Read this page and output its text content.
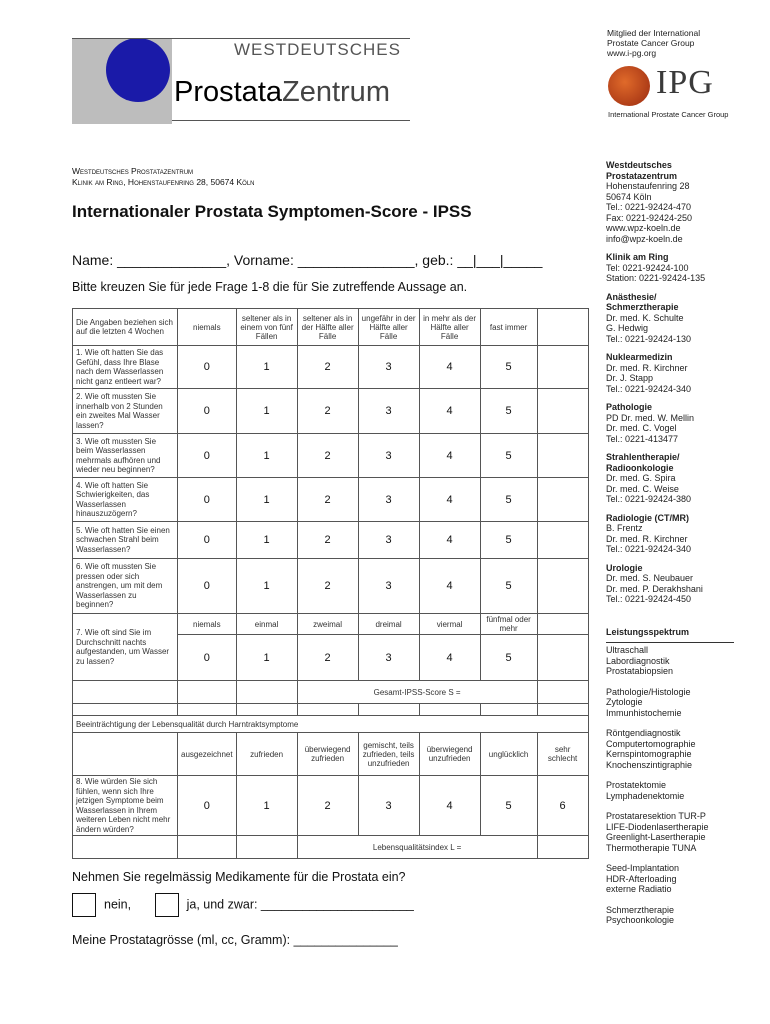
WESTDEUTSCHES
ProstataZentrum
Mitglied der International
Prostate Cancer Group
www.i-pg.org
IPG
International Prostate Cancer Group
Westdeutsches Prostatazentrum
Klinik am Ring, Hohenstaufenring 28, 50674 Köln
Internationaler Prostata Symptomen-Score - IPSS
Name: ______________, Vorname: _______________, geb.: __|___|_____
Bitte kreuzen Sie für jede Frage 1-8 die für Sie zutreffende Aussage an.
Die Angaben beziehen sich auf die letzten 4 Wochen	niemals	seltener als in einem von fünf Fällen	seltener als in der Hälfte aller Fälle	ungefähr in der Hälfte aller Fälle	in mehr als der Hälfte aller Fälle	fast immer	
1. Wie oft hatten Sie das Gefühl, dass Ihre Blase nach dem Wasserlassen nicht ganz entleert war?	0	1	2	3	4	5	
2. Wie oft mussten Sie innerhalb von 2 Stunden ein zweites Mal Wasser lassen?	0	1	2	3	4	5	
3. Wie oft mussten Sie beim Wasserlassen mehrmals aufhören und wieder neu beginnen?	0	1	2	3	4	5	
4. Wie oft hatten Sie Schwierigkeiten, das Wasserlassen hinauszuzögern?	0	1	2	3	4	5	
5. Wie oft hatten Sie einen schwachen Strahl beim Wasserlassen?	0	1	2	3	4	5	
6. Wie oft mussten Sie pressen oder sich anstrengen, um mit dem Wasserlassen zu beginnen?	0	1	2	3	4	5	
7. Wie oft sind Sie im Durchschnitt nachts aufgestanden, um Wasser zu lassen?	niemals	einmal	zweimal	dreimal	viermal	fünfmal oder mehr	
	0	1	2	3	4	5	
			Gesamt-IPSS-Score S =				

Beeinträchtigung der Lebensqualität durch Harntraktsymptome							
	ausgezeichnet	zufrieden	überwiegend zufrieden	gemischt, teils zufrieden, teils unzufrieden	überwiegend unzufrieden	unglücklich	sehr schlecht
8. Wie würden Sie sich fühlen, wenn sich Ihre jetzigen Symptome beim Wasserlassen in Ihrem weiteren Leben nicht mehr ändern würden?	0	1	2	3	4	5	6
			Lebensqualitätsindex L =				
Nehmen Sie regelmässig Medikamente für die Prostata ein?
nein,	ja, und zwar: ______________________
Meine Prostatagrösse (ml, cc, Gramm): _______________
Westdeutsches
Prostatazentrum
Hohenstaufenring 28
50674 Köln
Tel.: 0221-92424-470
Fax: 0221-92424-250
www.wpz-koeln.de
info@wpz-koeln.de
Klinik am Ring
Tel: 0221-92424-100
Station: 0221-92424-135
Anästhesie/
Schmerztherapie
Dr. med. K. Schulte
G. Hedwig
Tel.: 0221-92424-130
Nuklearmedizin
Dr. med. R. Kirchner
Dr. J. Stapp
Tel.: 0221-92424-340
Pathologie
PD Dr. med. W. Mellin
Dr. med. C. Vogel
Tel.: 0221-413477
Strahlentherapie/
Radioonkologie
Dr. med. G. Spira
Dr. med. C. Weise
Tel.: 0221-92424-380
Radiologie (CT/MR)
B. Frentz
Dr. med. R. Kirchner
Tel.: 0221-92424-340
Urologie
Dr. med. S. Neubauer
Dr. med. P. Derakhshani
Tel.: 0221-92424-450
Leistungsspektrum
Ultraschall
Labordiagnostik
Prostatabiopsien
Pathologie/Histologie
Zytologie
Immunhistochemie
Röntgendiagnostik
Computertomographie
Kernspintomographie
Knochenszintigraphie
Prostatektomie
Lymphadenektomie
Prostataresektion TUR-P
LIFE-Diodenlasertherapie
Greenlight-Lasertherapie
Thermotherapie TUNA
Seed-Implantation
HDR-Afterloading
externe Radiatio
Schmerztherapie
Psychoonkologie
